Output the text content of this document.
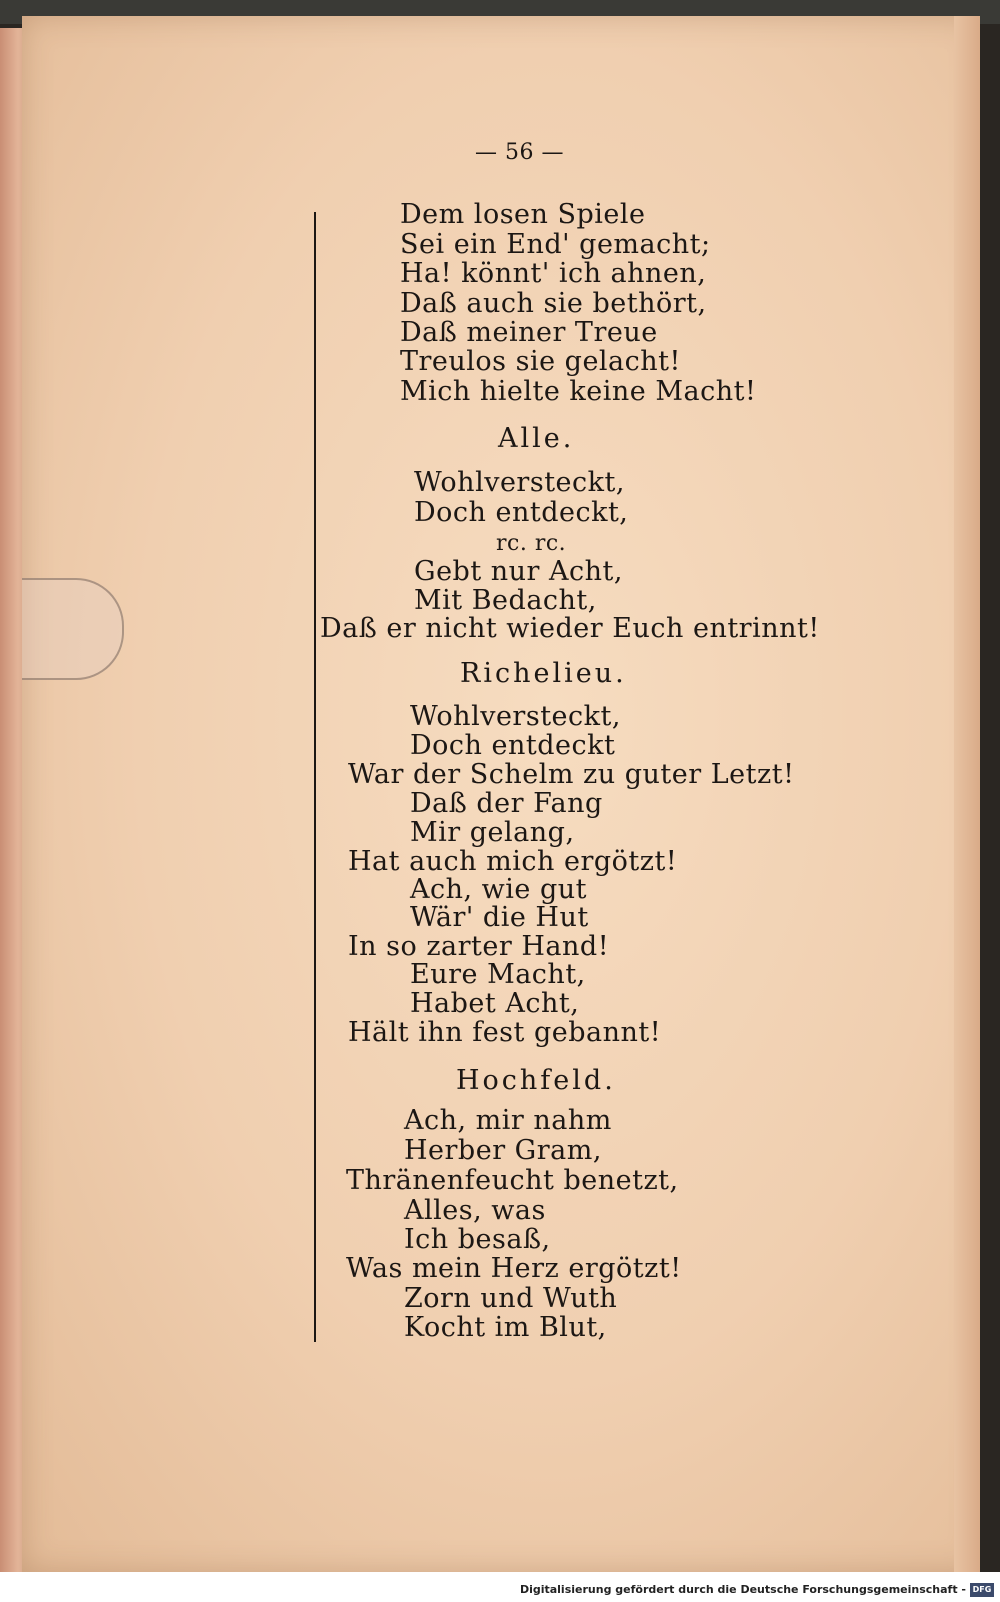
— 56 —
Dem losen Spiele
Sei ein End' gemacht;
Ha! könnt' ich ahnen,
Daß auch sie bethört,
Daß meiner Treue
Treulos sie gelacht!
Mich hielte keine Macht!
Alle.
Wohlversteckt,
Doch entdeckt,
rc. rc.
Gebt nur Acht,
Mit Bedacht,
Daß er nicht wieder Euch entrinnt!
Richelieu.
Wohlversteckt,
Doch entdeckt
War der Schelm zu guter Letzt!
Daß der Fang
Mir gelang,
Hat auch mich ergötzt!
Ach, wie gut
Wär' die Hut
In so zarter Hand!
Eure Macht,
Habet Acht,
Hält ihn fest gebannt!
Hochfeld.
Ach, mir nahm
Herber Gram,
Thränenfeucht benetzt,
Alles, was
Ich besaß,
Was mein Herz ergötzt!
Zorn und Wuth
Kocht im Blut,
Digitalisierung gefördert durch die Deutsche Forschungsgemeinschaft - DFG
